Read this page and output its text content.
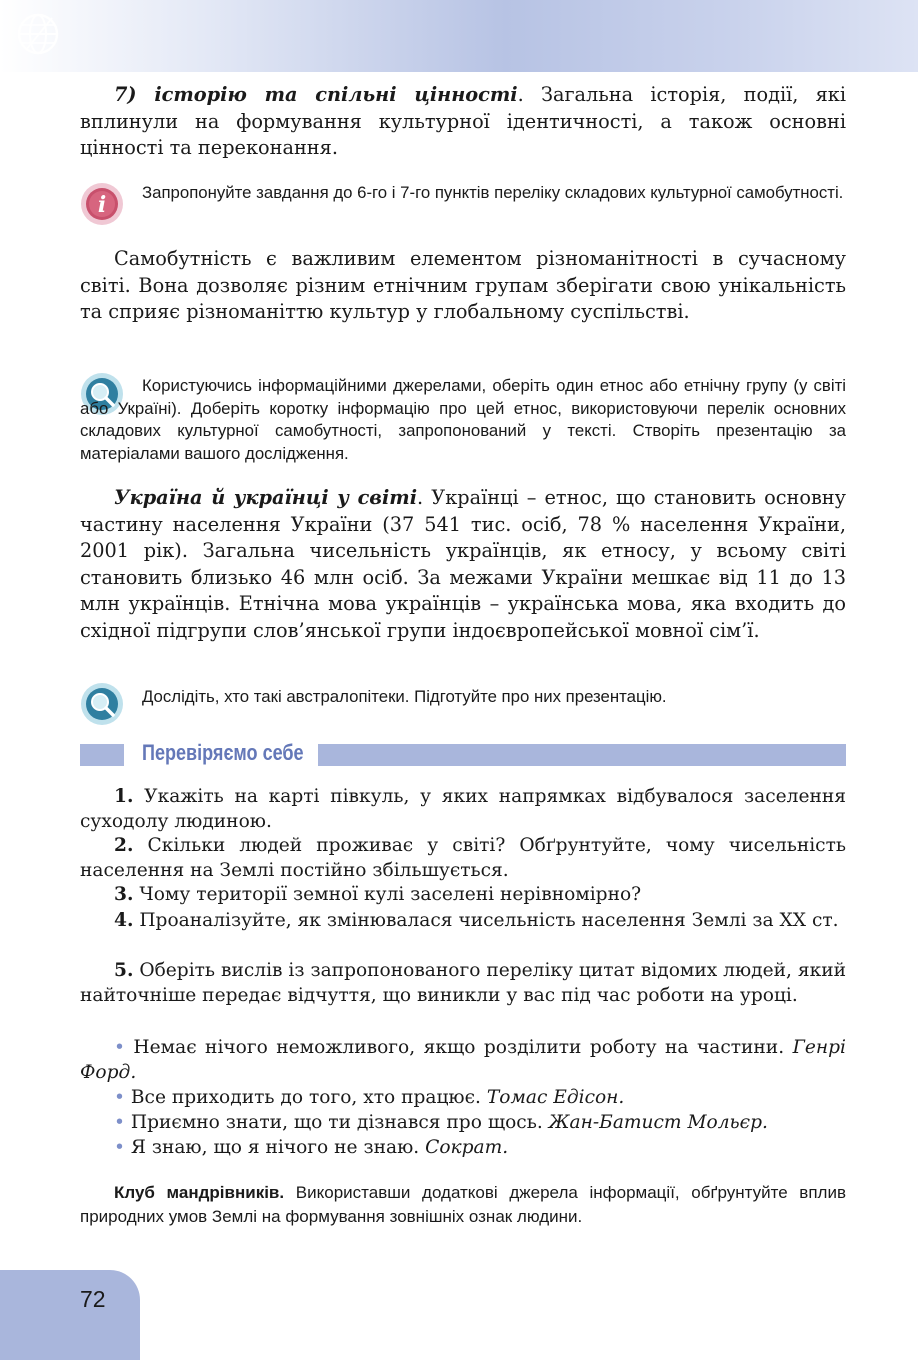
7) історію та спільні цінності. Загальна історія, події, які вплинули на формування культурної ідентичності, а також основні цінності та переконання.

i Запропонуйте завдання до 6-го і 7-го пунктів переліку складових культурної самобутності.

Самобутність є важливим елементом різноманітності в сучасному світі. Вона дозволяє різним етнічним групам зберігати свою унікальність та сприяє різноманіттю культур у глобальному суспільстві.

Користуючись інформаційними джерелами, оберіть один етнос або етнічну групу (у світі або Україні). Доберіть коротку інформацію про цей етнос, використовуючи перелік основних складових культурної самобутності, запропонований у тексті. Створіть презентацію за матеріалами вашого дослідження.

Україна й українці у світі. Українці – етнос, що становить основну частину населення України (37 541 тис. осіб, 78 % населення України, 2001 рік). Загальна чисельність українців, як етносу, у всьому світі становить близько 46 млн осіб. За межами України мешкає від 11 до 13 млн українців. Етнічна мова українців – українська мова, яка входить до східної підгрупи слов’янської групи індоєвропейської мовної сім’ї.

Дослідіть, хто такі австралопітеки. Підготуйте про них презентацію.

Перевіряємо себе

1. Укажіть на карті півкуль, у яких напрямках відбувалося заселення суходолу людиною.

2. Скільки людей проживає у світі? Обґрунтуйте, чому чисельність населення на Землі постійно збільшується.

3. Чому території земної кулі заселені нерівномірно?

4. Проаналізуйте, як змінювалася чисельність населення Землі за XX ст.

5. Оберіть вислів із запропонованого переліку цитат відомих людей, який найточніше передає відчуття, що виникли у вас під час роботи на уроці.

• Немає нічого неможливого, якщо розділити роботу на частини. Генрі Форд.

• Все приходить до того, хто працює. Томас Едісон.

• Приємно знати, що ти дізнався про щось. Жан-Батист Мольєр.

• Я знаю, що я нічого не знаю. Сократ.

Клуб мандрівників. Використавши додаткові джерела інформації, обґрунтуйте вплив природних умов Землі на формування зовнішніх ознак людини.

72
